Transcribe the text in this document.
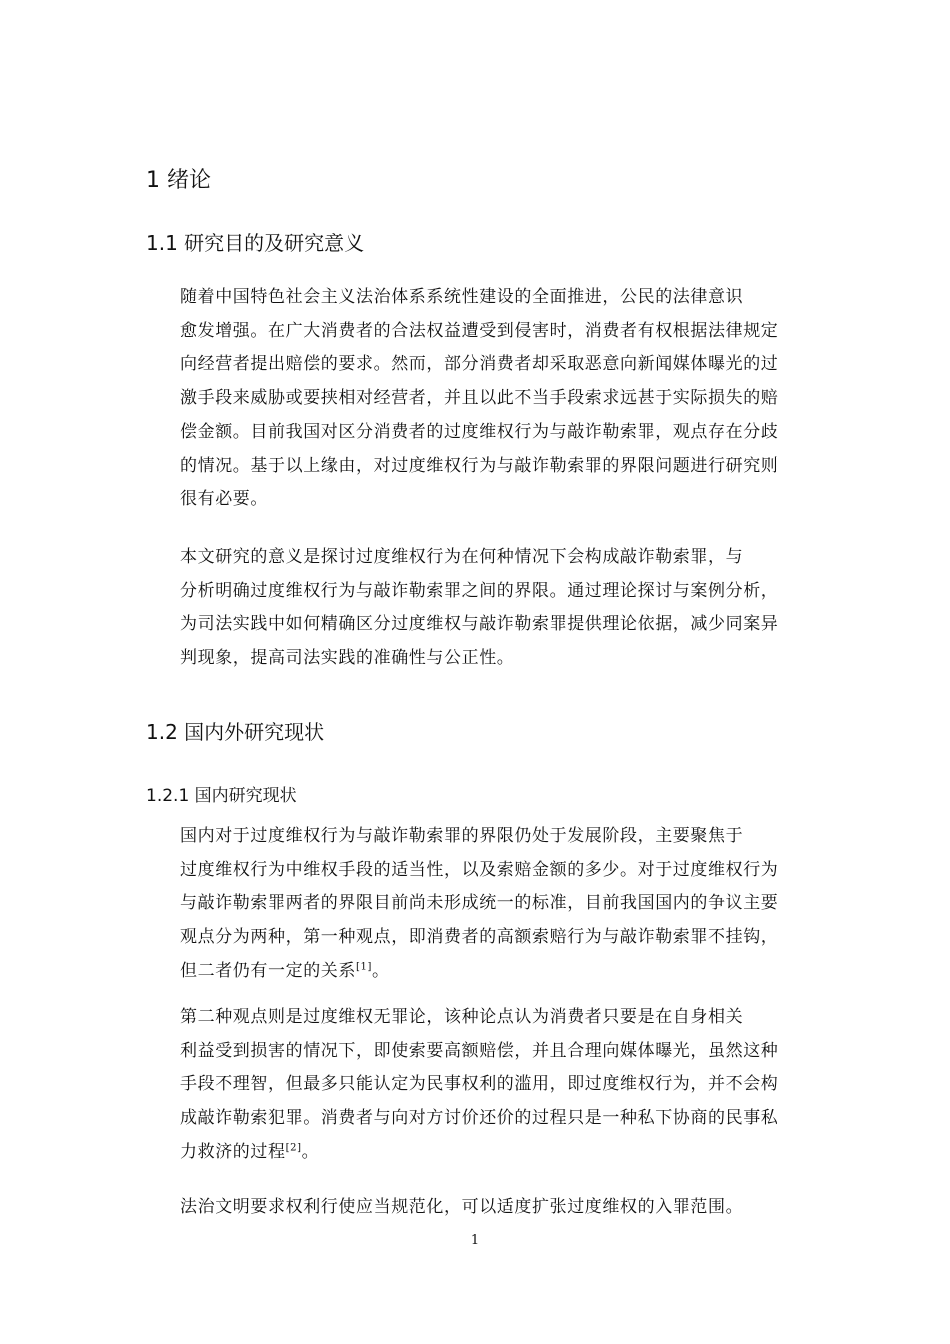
1 绪论
1.1 研究目的及研究意义

随着中国特色社会主义法治体系系统性建设的全面推进，公民的法律意识
愈发增强。在广大消费者的合法权益遭受到侵害时，消费者有权根据法律规定
向经营者提出赔偿的要求。然而，部分消费者却采取恶意向新闻媒体曝光的过
激手段来威胁或要挟相对经营者，并且以此不当手段索求远甚于实际损失的赔
偿金额。目前我国对区分消费者的过度维权行为与敲诈勒索罪，观点存在分歧
的情况。基于以上缘由，对过度维权行为与敲诈勒索罪的界限问题进行研究则
很有必要。

本文研究的意义是探讨过度维权行为在何种情况下会构成敲诈勒索罪，与
分析明确过度维权行为与敲诈勒索罪之间的界限。通过理论探讨与案例分析，
为司法实践中如何精确区分过度维权与敲诈勒索罪提供理论依据，减少同案异
判现象，提高司法实践的准确性与公正性。

1.2 国内外研究现状
1.2.1 国内研究现状

国内对于过度维权行为与敲诈勒索罪的界限仍处于发展阶段，主要聚焦于
过度维权行为中维权手段的适当性，以及索赔金额的多少。对于过度维权行为
与敲诈勒索罪两者的界限目前尚未形成统一的标准，目前我国国内的争议主要
观点分为两种，第一种观点，即消费者的高额索赔行为与敲诈勒索罪不挂钩，
但二者仍有一定的关系[1]。

第二种观点则是过度维权无罪论，该种论点认为消费者只要是在自身相关
利益受到损害的情况下，即使索要高额赔偿，并且合理向媒体曝光，虽然这种
手段不理智，但最多只能认定为民事权利的滥用，即过度维权行为，并不会构
成敲诈勒索犯罪。消费者与向对方讨价还价的过程只是一种私下协商的民事私
力救济的过程[2]。

法治文明要求权利行使应当规范化，可以适度扩张过度维权的入罪范围。

1
